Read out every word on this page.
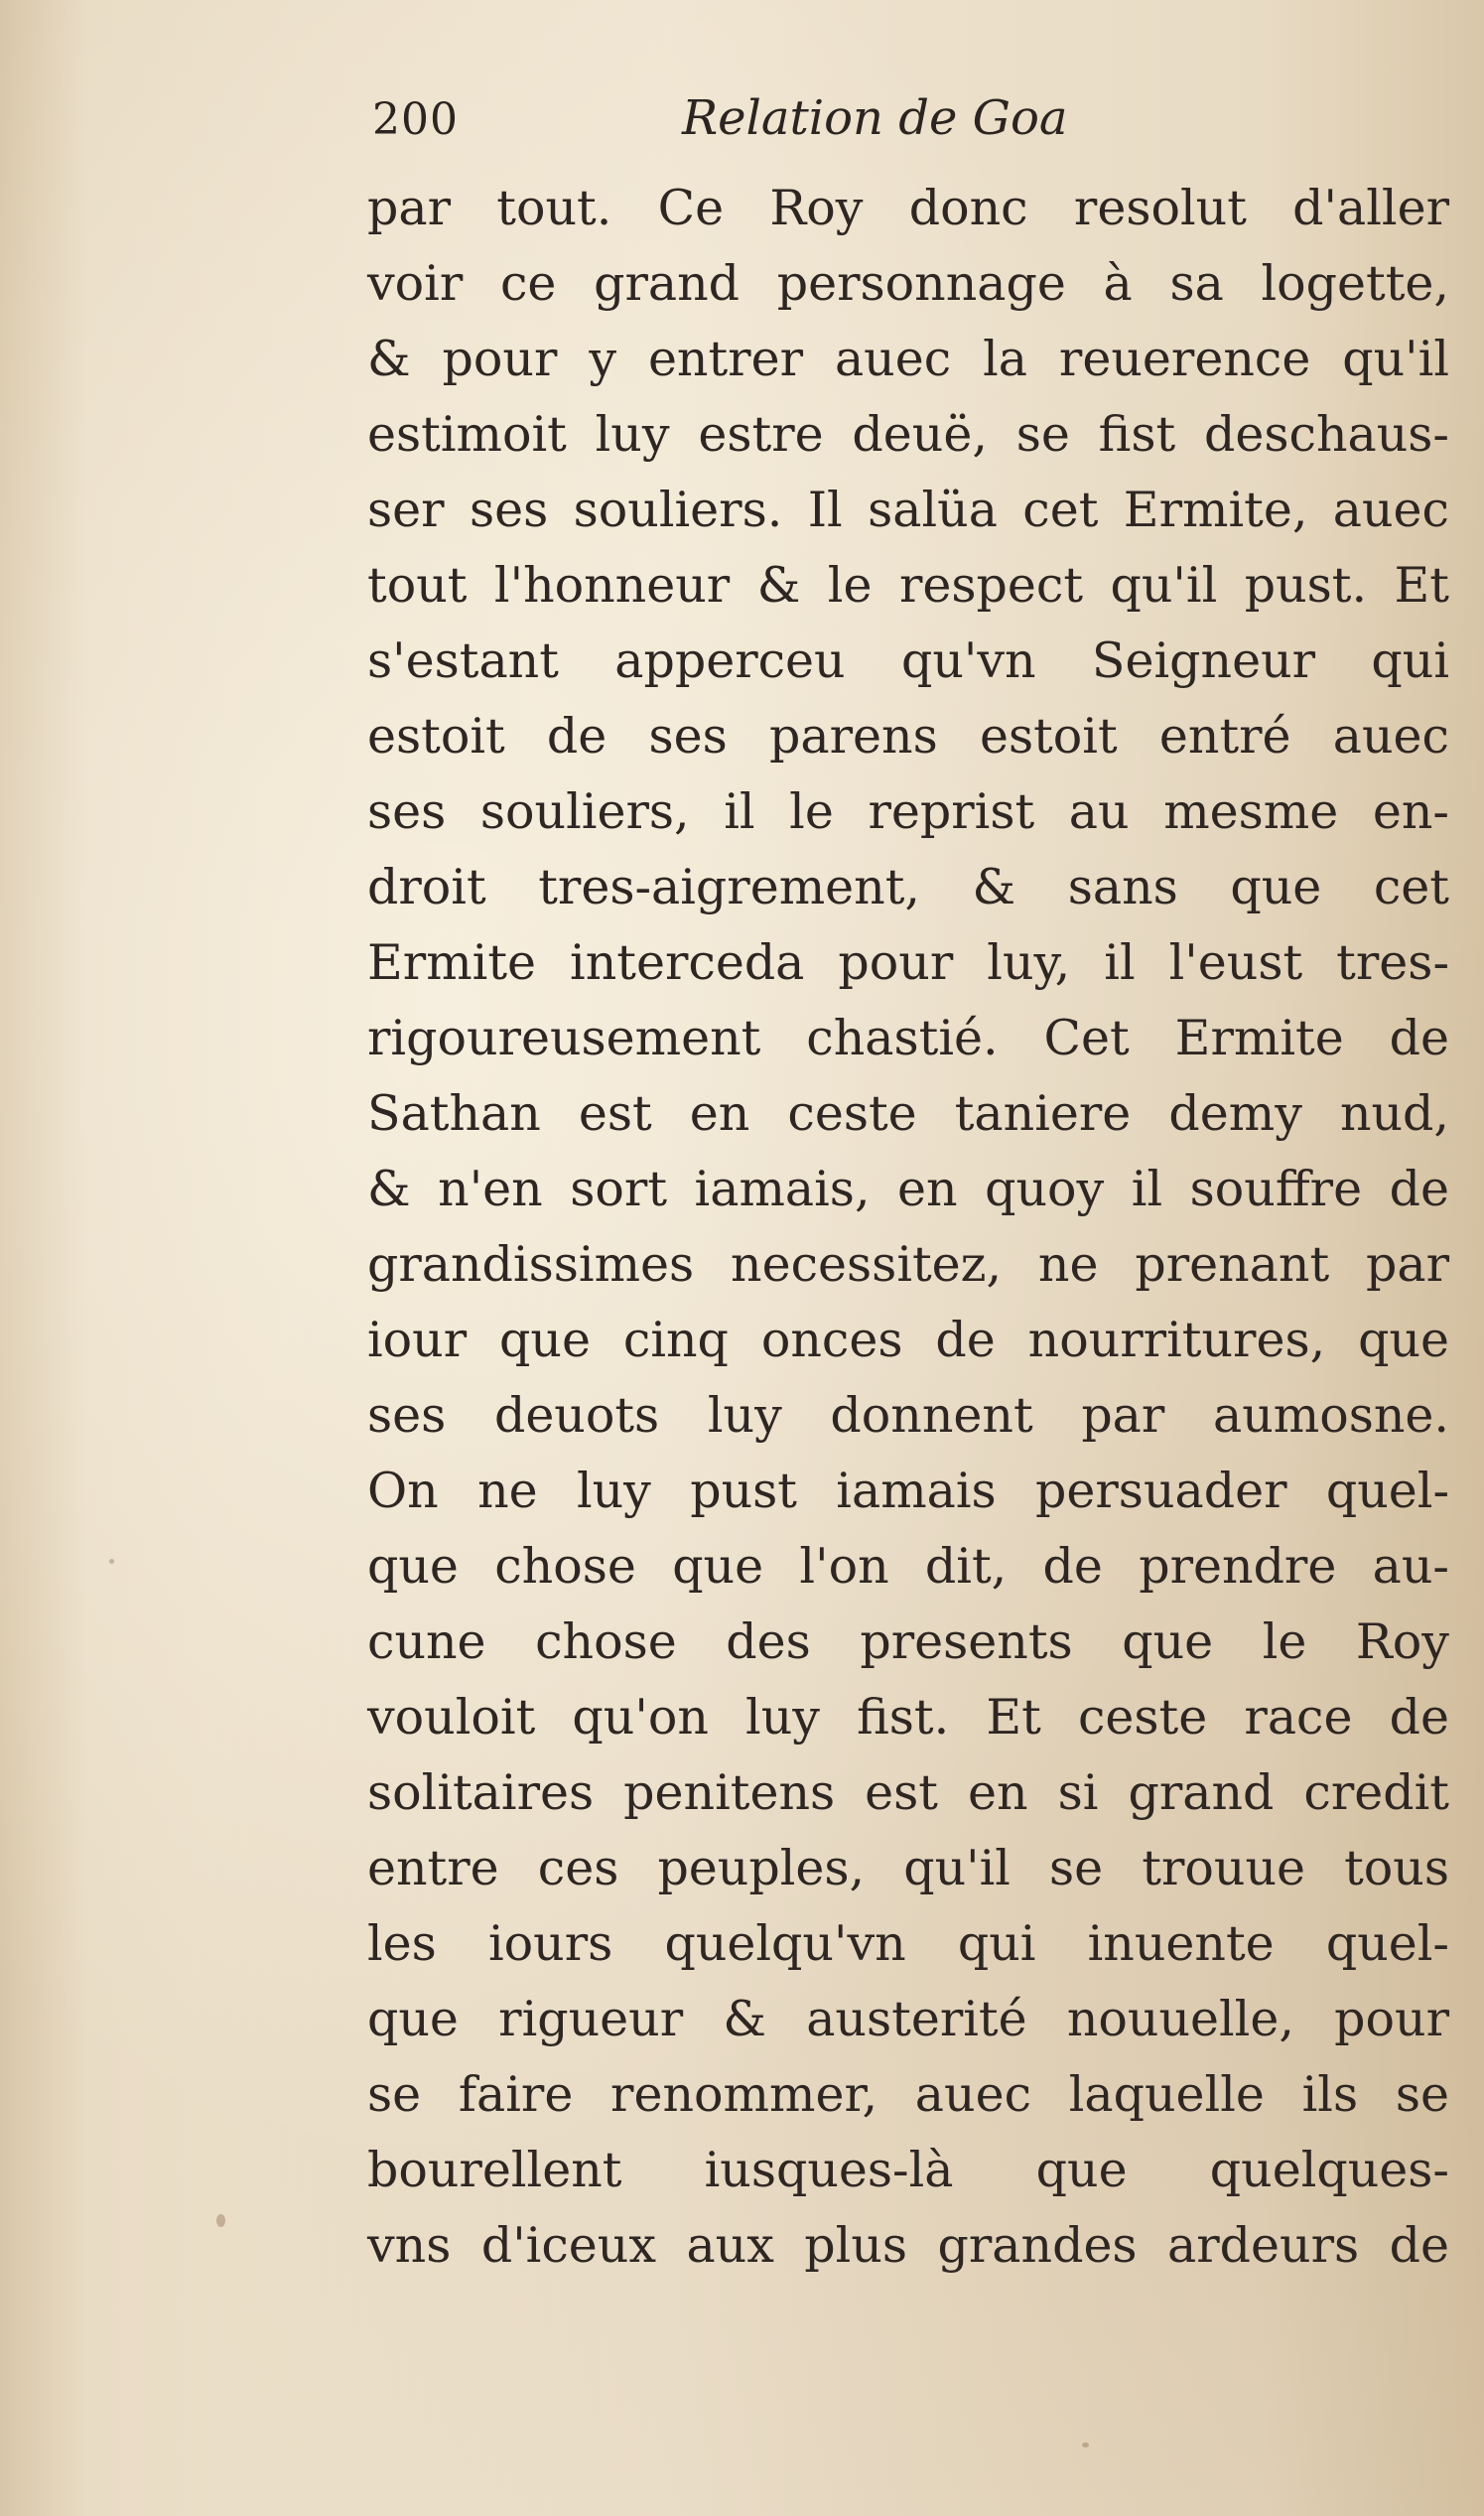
200	Relation de Goa
par tout. Ce Roy donc resolut d'aller
voir ce grand personnage à sa logette,
& pour y entrer auec la reuerence qu'il
estimoit luy estre deuë, se fist deschaus-
ser ses souliers. Il salüa cet Ermite, auec
tout l'honneur & le respect qu'il pust. Et
s'estant apperceu qu'vn Seigneur qui
estoit de ses parens estoit entré auec
ses souliers, il le reprist au mesme en-
droit tres-aigrement, & sans que cet
Ermite interceda pour luy, il l'eust tres-
rigoureusement chastié. Cet Ermite de
Sathan est en ceste taniere demy nud,
& n'en sort iamais, en quoy il souffre de
grandissimes necessitez, ne prenant par
iour que cinq onces de nourritures, que
ses deuots luy donnent par aumosne.
On ne luy pust iamais persuader quel-
que chose que l'on dit, de prendre au-
cune chose des presents que le Roy
vouloit qu'on luy fist. Et ceste race de
solitaires penitens est en si grand credit
entre ces peuples, qu'il se trouue tous
les iours quelqu'vn qui inuente quel-
que rigueur & austerité nouuelle, pour
se faire renommer, auec laquelle ils se
bourellent iusques-là que quelques-
vns d'iceux aux plus grandes ardeurs de
